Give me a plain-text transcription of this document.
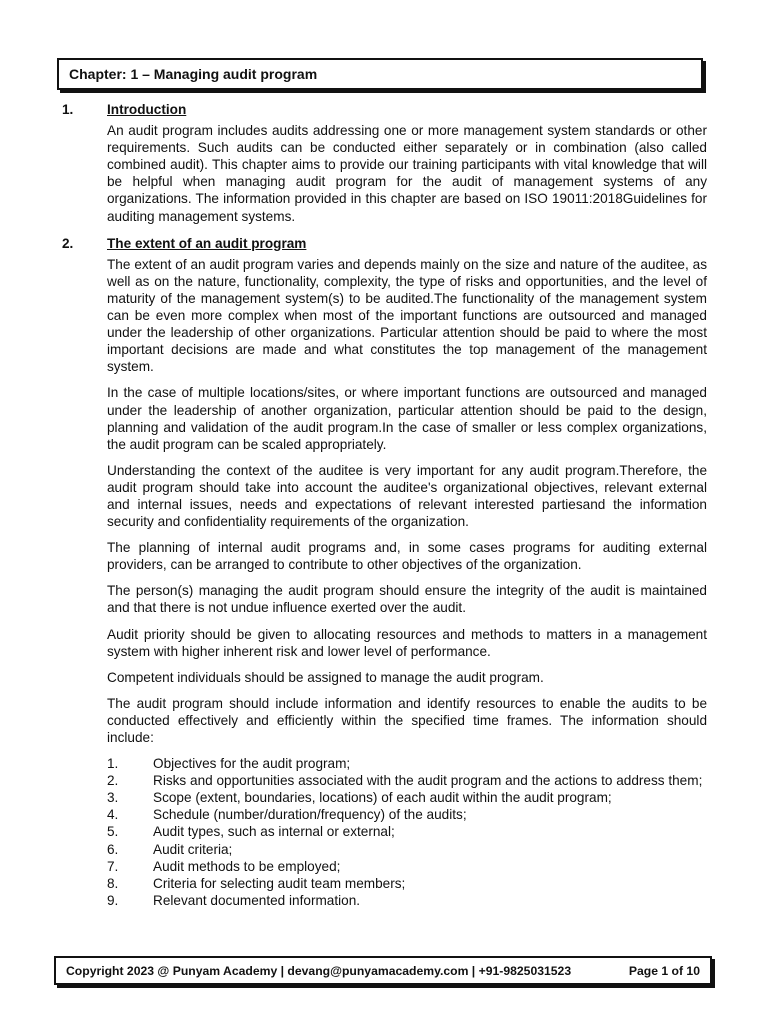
Chapter: 1 – Managing audit program
1.	Introduction

An audit program includes audits addressing one or more management system standards or other requirements. Such audits can be conducted either separately or in combination (also called combined audit). This chapter aims to provide our training participants with vital knowledge that will be helpful when managing audit program for the audit of management systems of any organizations. The information provided in this chapter are based on ISO 19011:2018Guidelines for auditing management systems.

2.	The extent of an audit program

The extent of an audit program varies and depends mainly on the size and nature of the auditee, as well as on the nature, functionality, complexity, the type of risks and opportunities, and the level of maturity of the management system(s) to be audited.The functionality of the management system can be even more complex when most of the important functions are outsourced and managed under the leadership of other organizations. Particular attention should be paid to where the most important decisions are made and what constitutes the top management of the management system.

In the case of multiple locations/sites, or where important functions are outsourced and managed under the leadership of another organization, particular attention should be paid to the design, planning and validation of the audit program.In the case of smaller or less complex organizations, the audit program can be scaled appropriately.

Understanding the context of the auditee is very important for any audit program.Therefore, the audit program should take into account the auditee's organizational objectives, relevant external and internal issues, needs and expectations of relevant interested partiesand the information security and confidentiality requirements of the organization.

The planning of internal audit programs and, in some cases programs for auditing external providers, can be arranged to contribute to other objectives of the organization.

The person(s) managing the audit program should ensure the integrity of the audit is maintained and that there is not undue influence exerted over the audit.

Audit priority should be given to allocating resources and methods to matters in a management system with higher inherent risk and lower level of performance.

Competent individuals should be assigned to manage the audit program.

The audit program should include information and identify resources to enable the audits to be conducted effectively and efficiently within the specified time frames. The information should include:

1.	Objectives for the audit program;
2.	Risks and opportunities associated with the audit program and the actions to address them;
3.	Scope (extent, boundaries, locations) of each audit within the audit program;
4.	Schedule (number/duration/frequency) of the audits;
5.	Audit types, such as internal or external;
6.	Audit criteria;
7.	Audit methods to be employed;
8.	Criteria for selecting audit team members;
9.	Relevant documented information.
Copyright 2023 @ Punyam Academy | devang@punyamacademy.com | +91-9825031523	Page 1 of 10
